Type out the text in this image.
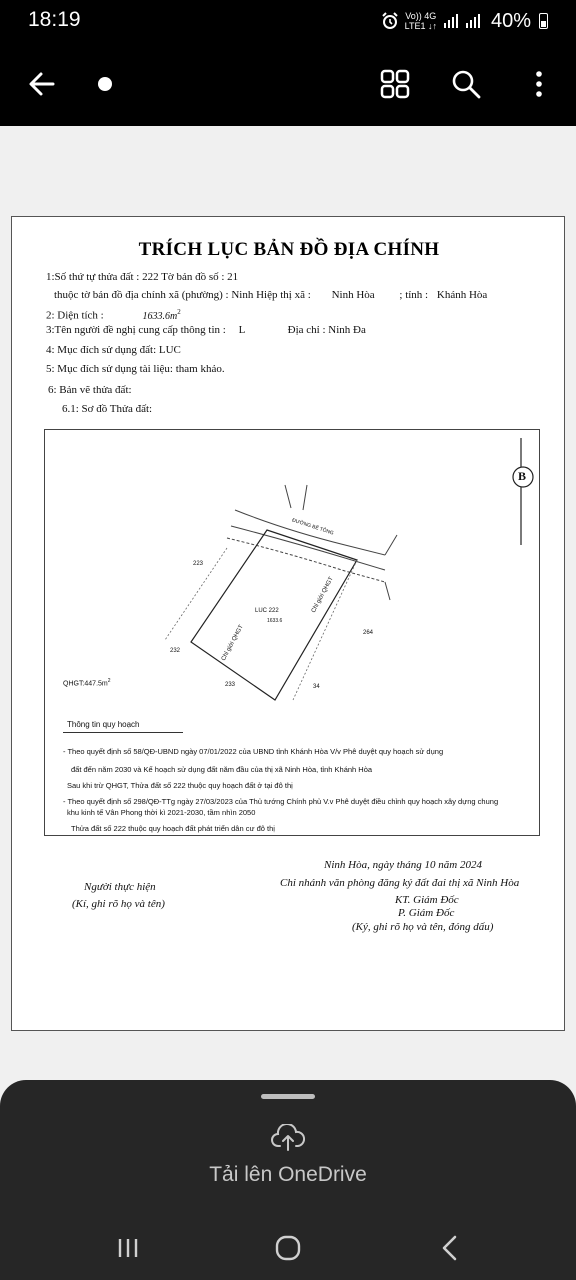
18:19	Vo)) 4G
LTE1 ↓↑	40%
TRÍCH LỤC BẢN ĐỒ ĐỊA CHÍNH
1:Số thứ tự thửa đất : 222 Tờ bản đồ số : 21
thuộc tờ bản đồ địa chính xã (phường) : Ninh Hiệp thị xã : Ninh Hòa ; tỉnh : Khánh Hòa
2: Diện tích :	$1633.6m^2$
3:Tên người đề nghị cung cấp thông tin : L	Địa chỉ : Ninh Đa
4: Mục đích sử dụng đất: LUC
5: Mục đích sử dụng tài liệu: tham khảo.
6: Bản vẽ thửa đất:
6.1: Sơ đồ Thửa đất:
B
ĐƯỜNG BÊ TÔNG
223
232
233	34
264
LUC 222
1633.6
Chỉ giới QHGT
Chỉ giới QHGT
$QHGT:447.5m^2$
Thông tin quy hoạch
- Theo quyết định số 58/QĐ-UBND ngày 07/01/2022 của UBND tỉnh Khánh Hòa V/v Phê duyệt quy hoạch sử dụng
đất đến năm 2030 và Kế hoạch sử dụng đất năm đầu của thị xã Ninh Hòa, tỉnh Khánh Hòa
Sau khi trừ QHGT, Thửa đất số 222 thuộc quy hoạch đất ở tại đô thị
- Theo quyết định số 298/QĐ-TTg ngày 27/03/2023 của Thủ tướng Chính phủ V.v Phê duyệt điều chỉnh quy hoạch xây dựng chung
khu kinh tế Vân Phong thời kì 2021-2030, tầm nhìn 2050
Thửa đất số 222 thuộc quy hoạch đất phát triển dân cư đô thị
Ninh Hòa, ngày tháng 10 năm 2024
Chi nhánh văn phòng đăng ký đất đai thị xã Ninh Hòa
Người thực hiện
(Kí, ghi rõ họ và tên)	KT. Giám Đốc
P. Giám Đốc
(Ký, ghi rõ họ và tên, đóng dấu)
Tải lên OneDrive
